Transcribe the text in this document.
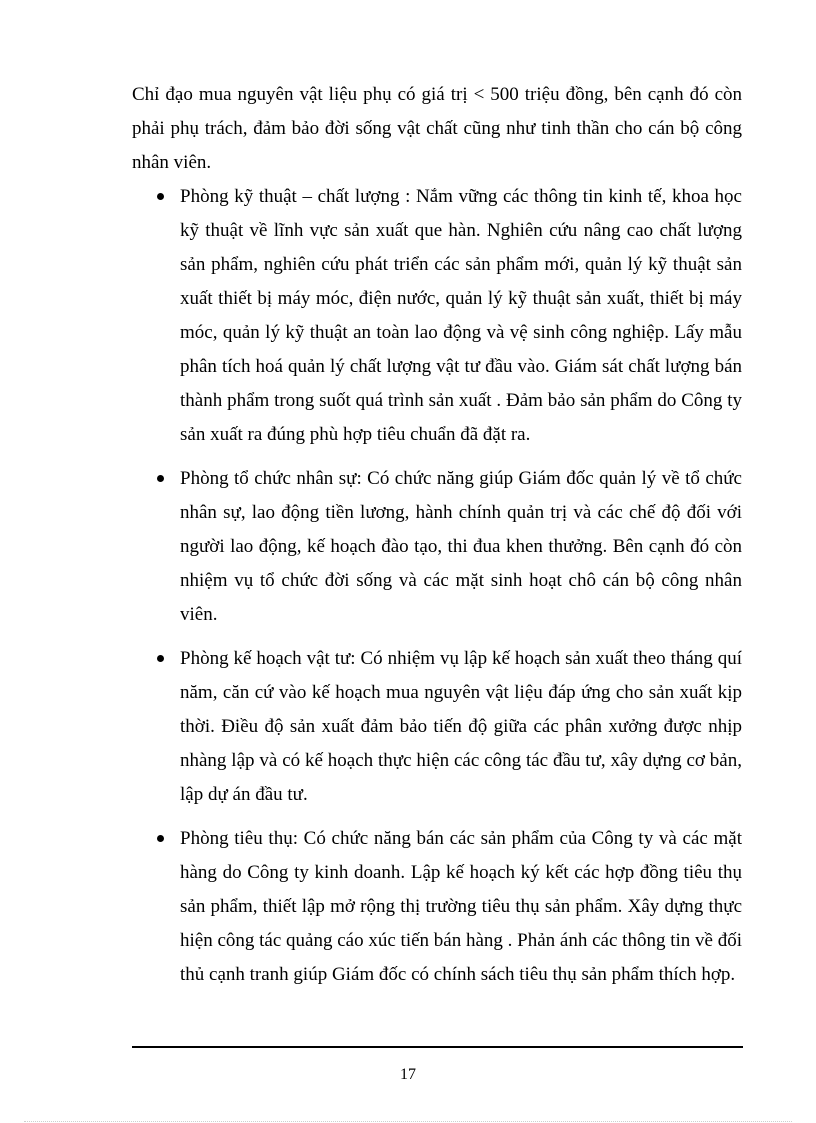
Chỉ đạo mua nguyên vật liệu phụ có giá trị < 500 triệu đồng, bên cạnh đó còn phải phụ trách, đảm bảo đời sống vật chất cũng như tinh thần cho cán bộ công nhân viên.

Phòng kỹ thuật – chất lượng : Nắm vững các thông tin kinh tế, khoa học kỹ thuật về lĩnh vực sản xuất que hàn. Nghiên cứu nâng cao chất lượng sản phẩm, nghiên cứu phát triển các sản phẩm mới, quản lý kỹ thuật sản xuất thiết bị máy móc, điện nước, quản lý kỹ thuật sản xuất, thiết bị máy móc, quản lý kỹ thuật an toàn lao động và vệ sinh công nghiệp. Lấy mẫu phân tích hoá quản lý chất lượng vật tư đầu vào. Giám sát chất lượng bán thành phẩm trong suốt quá trình sản xuất . Đảm bảo sản phẩm do Công ty sản xuất ra đúng phù hợp tiêu chuẩn đã đặt ra.
Phòng tổ chức nhân sự: Có chức năng giúp Giám đốc quản lý về tổ chức nhân sự, lao động tiền lương, hành chính quản trị và các chế độ đối với người lao động, kế hoạch đào tạo, thi đua khen thưởng. Bên cạnh đó còn nhiệm vụ tổ chức đời sống và các mặt sinh hoạt chô cán bộ công nhân viên.
Phòng kế hoạch vật tư: Có nhiệm vụ lập kế hoạch sản xuất theo tháng quí năm, căn cứ vào kế hoạch mua nguyên vật liệu đáp ứng cho sản xuất kịp thời. Điều độ sản xuất đảm bảo tiến độ giữa các phân xưởng được nhịp nhàng lập và có kế hoạch thực hiện các công tác đầu tư, xây dựng cơ bản, lập dự án đầu tư.
Phòng tiêu thụ: Có chức năng bán các sản phẩm của Công ty và các mặt hàng do Công ty kinh doanh. Lập kế hoạch ký kết các hợp đồng tiêu thụ sản phẩm, thiết lập mở rộng thị trường tiêu thụ sản phẩm. Xây dựng thực hiện công tác quảng cáo xúc tiến bán hàng . Phản ánh các thông tin về đối thủ cạnh tranh giúp Giám đốc có chính sách tiêu thụ sản phẩm thích hợp.
17
